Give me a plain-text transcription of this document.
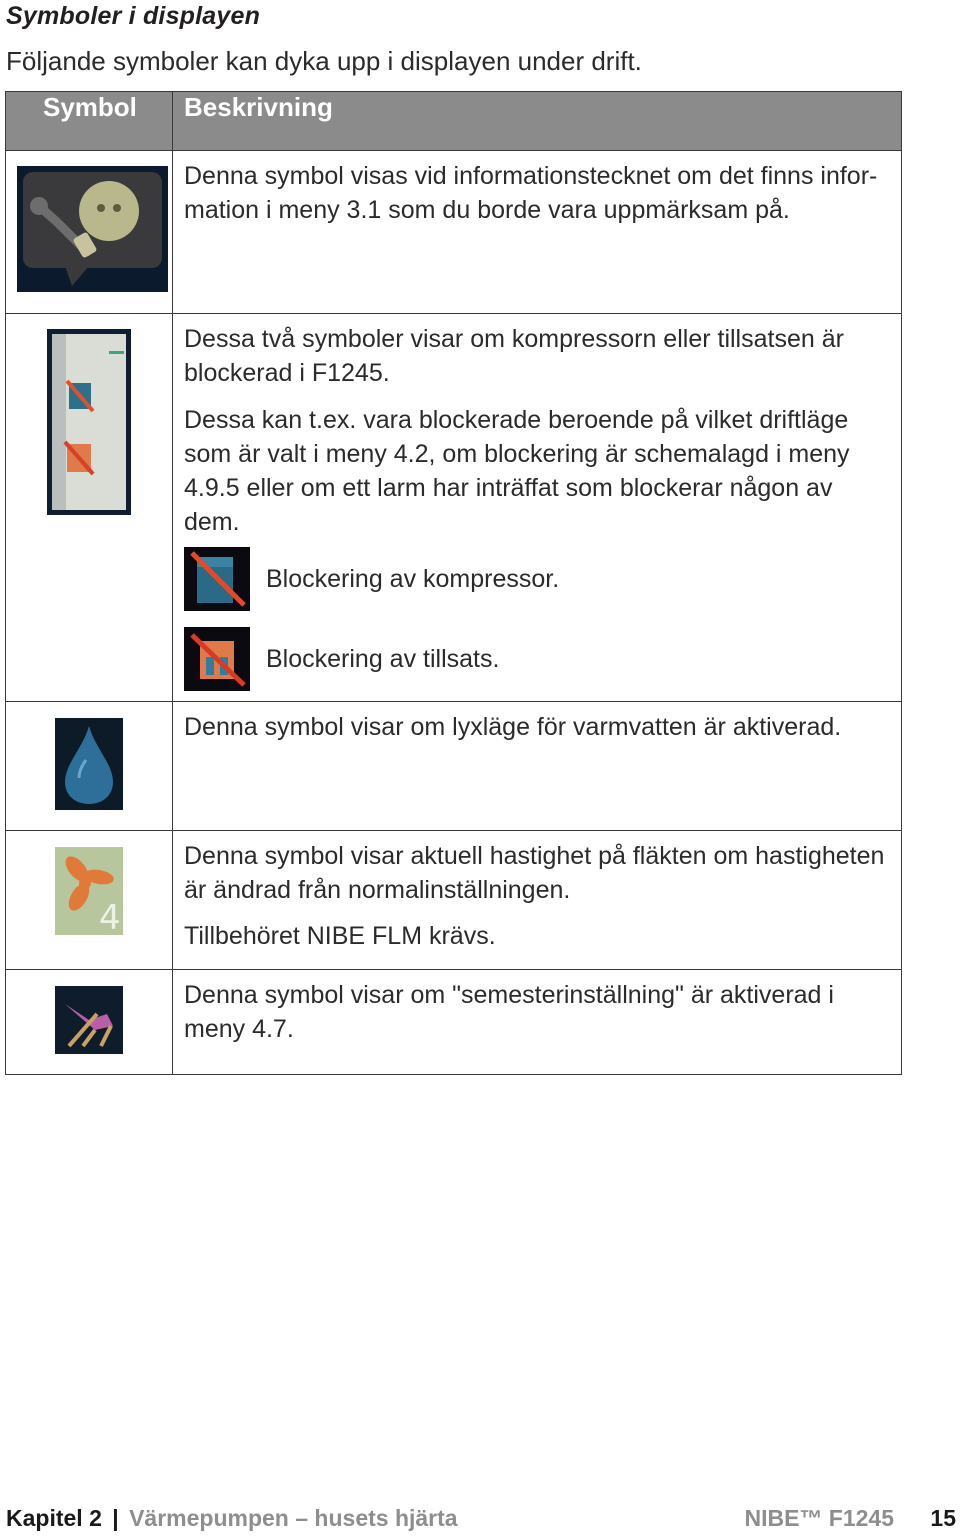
Symboler i displayen
Följande symboler kan dyka upp i displayen under drift.
Symbol	Beskrivning

Denna symbol visas vid informationstecknet om det finns infor-mation i meny 3.1 som du borde vara uppmärksam på.

Dessa två symboler visar om kompressorn eller tillsatsen är blockerad i F1245.

Dessa kan t.ex. vara blockerade beroende på vilket driftläge som är valt i meny 4.2, om blockering är schemalagd i meny 4.9.5 eller om ett larm har inträffat som blockerar någon av dem.

Blockering av kompressor.
Blockering av tillsats.

Denna symbol visar om lyxläge för varmvatten är aktiverad.

4	Denna symbol visar aktuell hastighet på fläkten om hastigheten är ändrad från normalinställningen.

Tillbehöret NIBE FLM krävs.

Denna symbol visar om "semesterinställning" är aktiverad i meny 4.7.

Kapitel 2 | Värmepumpen – husets hjärta	NIBE™ F1245 15
